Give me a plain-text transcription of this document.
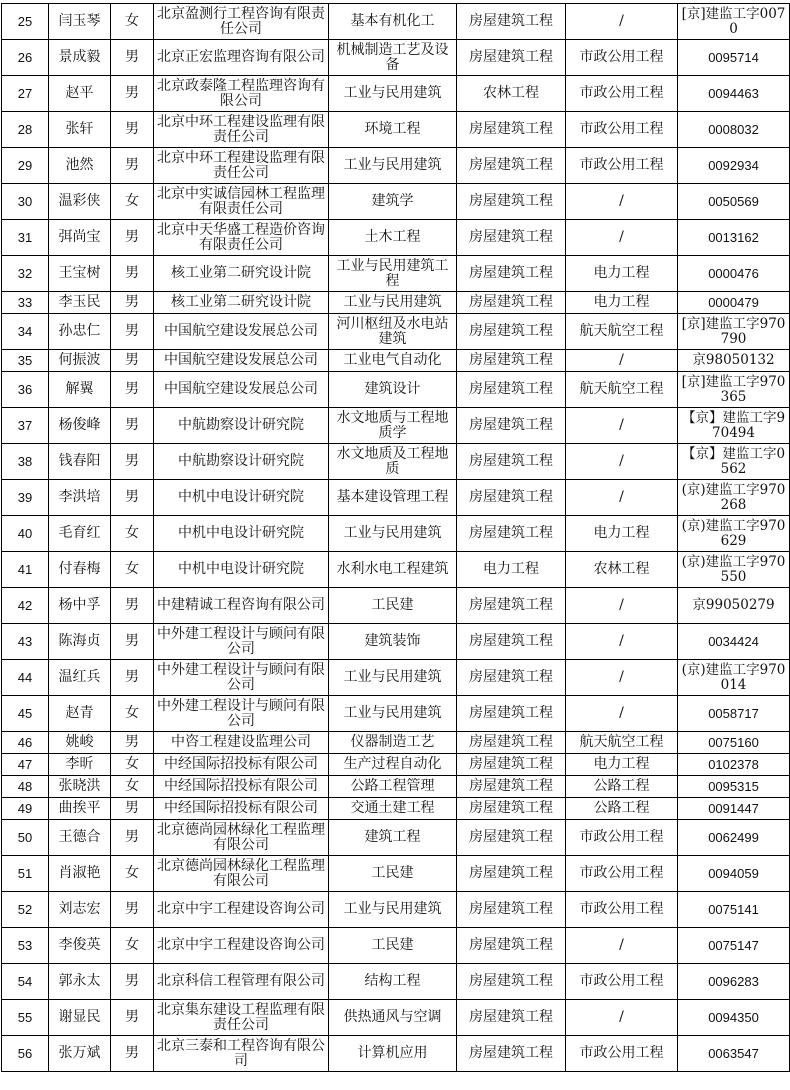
25	闫玉琴	女	北京盈测行工程咨询有限责任公司	基本有机化工	房屋建筑工程	/	[京]建监工字0070
26	景成毅	男	北京正宏监理咨询有限公司	机械制造工艺及设备	房屋建筑工程	市政公用工程	0095714
27	赵平	男	北京政泰隆工程监理咨询有限公司	工业与民用建筑	农林工程	市政公用工程	0094463
28	张轩	男	北京中环工程建设监理有限责任公司	环境工程	房屋建筑工程	市政公用工程	0008032
29	池然	男	北京中环工程建设监理有限责任公司	工业与民用建筑	房屋建筑工程	市政公用工程	0092934
30	温彩侠	女	北京中实诚信园林工程监理有限责任公司	建筑学	房屋建筑工程	/	0050569
31	弭尚宝	男	北京中天华盛工程造价咨询有限责任公司	土木工程	房屋建筑工程	/	0013162
32	王宝树	男	核工业第二研究设计院	工业与民用建筑工程	房屋建筑工程	电力工程	0000476
33	李玉民	男	核工业第二研究设计院	工业与民用建筑	房屋建筑工程	电力工程	0000479
34	孙忠仁	男	中国航空建设发展总公司	河川枢纽及水电站建筑	房屋建筑工程	航天航空工程	[京]建监工字970790
35	何振波	男	中国航空建设发展总公司	工业电气自动化	房屋建筑工程	/	京98050132
36	解翼	男	中国航空建设发展总公司	建筑设计	房屋建筑工程	航天航空工程	[京]建监工字970365
37	杨俊峰	男	中航勘察设计研究院	水文地质与工程地质学	房屋建筑工程	/	【京】建监工字970494
38	钱春阳	男	中航勘察设计研究院	水文地质及工程地质	房屋建筑工程	/	【京】建监工字0562
39	李洪培	男	中机中电设计研究院	基本建设管理工程	房屋建筑工程	/	(京)建监工字970268
40	毛育红	女	中机中电设计研究院	工业与民用建筑	房屋建筑工程	电力工程	(京)建监工字970629
41	付春梅	女	中机中电设计研究院	水利水电工程建筑	电力工程	农林工程	(京)建监工字970550
42	杨中孚	男	中建精诚工程咨询有限公司	工民建	房屋建筑工程	/	京99050279
43	陈海贞	男	中外建工程设计与顾问有限公司	建筑装饰	房屋建筑工程	/	0034424
44	温红兵	男	中外建工程设计与顾问有限公司	工业与民用建筑	房屋建筑工程	/	(京)建监工字970014
45	赵青	女	中外建工程设计与顾问有限公司	工业与民用建筑	房屋建筑工程	/	0058717
46	姚峻	男	中咨工程建设监理公司	仪器制造工艺	房屋建筑工程	航天航空工程	0075160
47	李昕	女	中经国际招投标有限公司	生产过程自动化	房屋建筑工程	电力工程	0102378
48	张晓洪	女	中经国际招投标有限公司	公路工程管理	房屋建筑工程	公路工程	0095315
49	曲挨平	男	中经国际招投标有限公司	交通土建工程	房屋建筑工程	公路工程	0091447
50	王德合	男	北京德尚园林绿化工程监理有限公司	建筑工程	房屋建筑工程	市政公用工程	0062499
51	肖淑艳	女	北京德尚园林绿化工程监理有限公司	工民建	房屋建筑工程	市政公用工程	0094059
52	刘志宏	男	北京中宇工程建设咨询公司	工业与民用建筑	房屋建筑工程	市政公用工程	0075141
53	李俊英	女	北京中宇工程建设咨询公司	工民建	房屋建筑工程	/	0075147
54	郭永太	男	北京科信工程管理有限公司	结构工程	房屋建筑工程	市政公用工程	0096283
55	谢显民	男	北京集东建设工程监理有限责任公司	供热通风与空调	房屋建筑工程	/	0094350
56	张万斌	男	北京三泰和工程咨询有限公司	计算机应用	房屋建筑工程	市政公用工程	0063547
